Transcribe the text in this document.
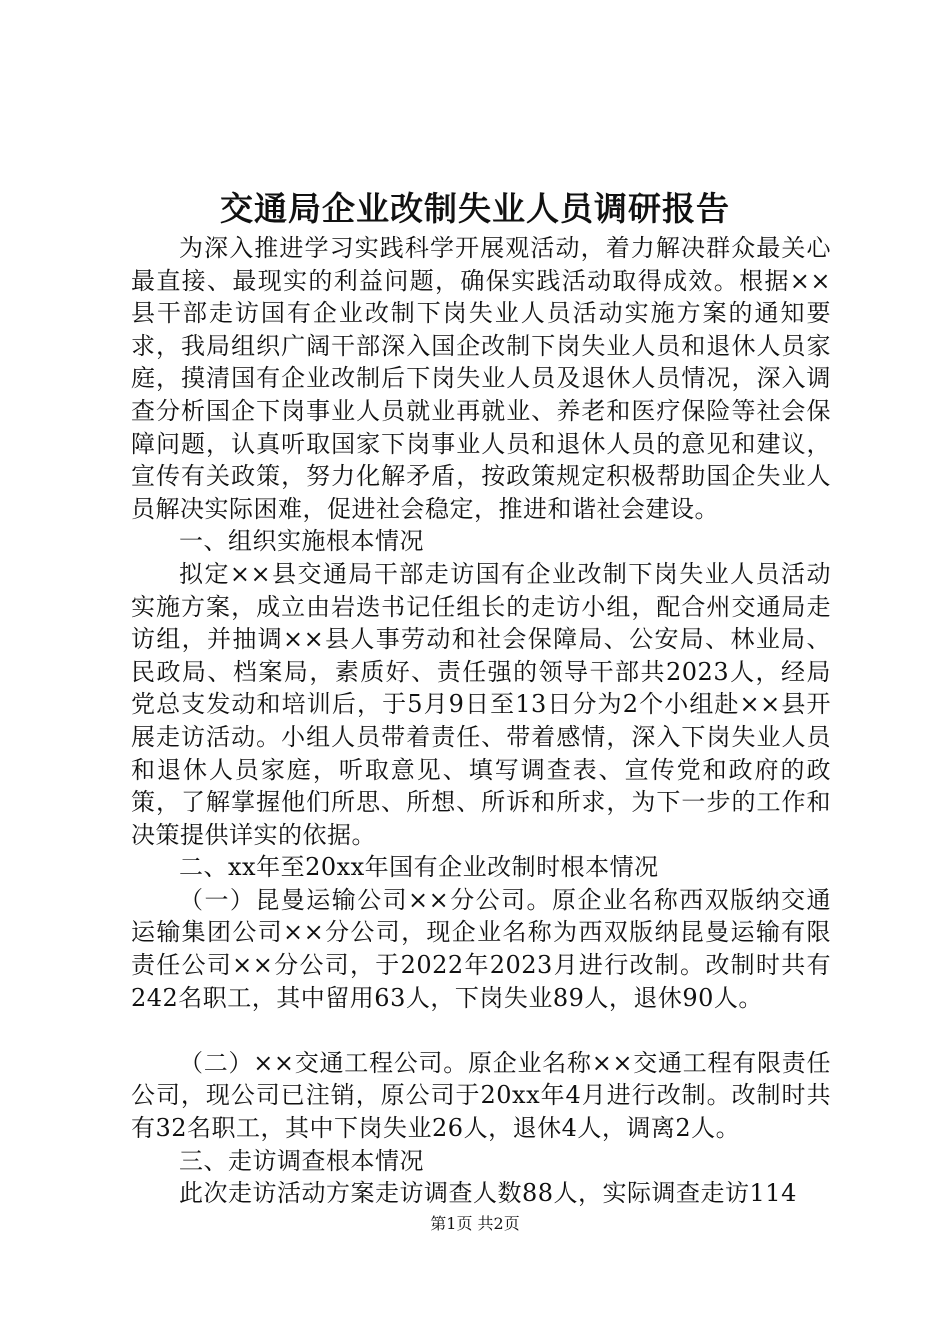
交通局企业改制失业人员调研报告

为深入推进学习实践科学开展观活动，着力解决群众最关心最直接、最现实的利益问题，确保实践活动取得成效。根据××县干部走访国有企业改制下岗失业人员活动实施方案的通知要求，我局组织广阔干部深入国企改制下岗失业人员和退休人员家庭，摸清国有企业改制后下岗失业人员及退休人员情况，深入调查分析国企下岗事业人员就业再就业、养老和医疗保险等社会保障问题，认真听取国家下岗事业人员和退休人员的意见和建议，宣传有关政策，努力化解矛盾，按政策规定积极帮助国企失业人员解决实际困难，促进社会稳定，推进和谐社会建设。

一、组织实施根本情况

拟定××县交通局干部走访国有企业改制下岗失业人员活动实施方案，成立由岩迭书记任组长的走访小组，配合州交通局走访组，并抽调××县人事劳动和社会保障局、公安局、林业局、民政局、档案局，素质好、责任强的领导干部共2023人，经局党总支发动和培训后，于5月9日至13日分为2个小组赴××县开展走访活动。小组人员带着责任、带着感情，深入下岗失业人员和退休人员家庭，听取意见、填写调查表、宣传党和政府的政策，了解掌握他们所思、所想、所诉和所求，为下一步的工作和决策提供详实的依据。

二、xx年至20xx年国有企业改制时根本情况

（一）昆曼运输公司××分公司。原企业名称西双版纳交通运输集团公司××分公司，现企业名称为西双版纳昆曼运输有限责任公司××分公司，于2022年2023月进行改制。改制时共有242名职工，其中留用63人，下岗失业89人，退休90人。

（二）××交通工程公司。原企业名称××交通工程有限责任公司，现公司已注销，原公司于20xx年4月进行改制。改制时共有32名职工，其中下岗失业26人，退休4人，调离2人。

三、走访调查根本情况

此次走访活动方案走访调查人数88人，实际调查走访114

第1页 共2页
